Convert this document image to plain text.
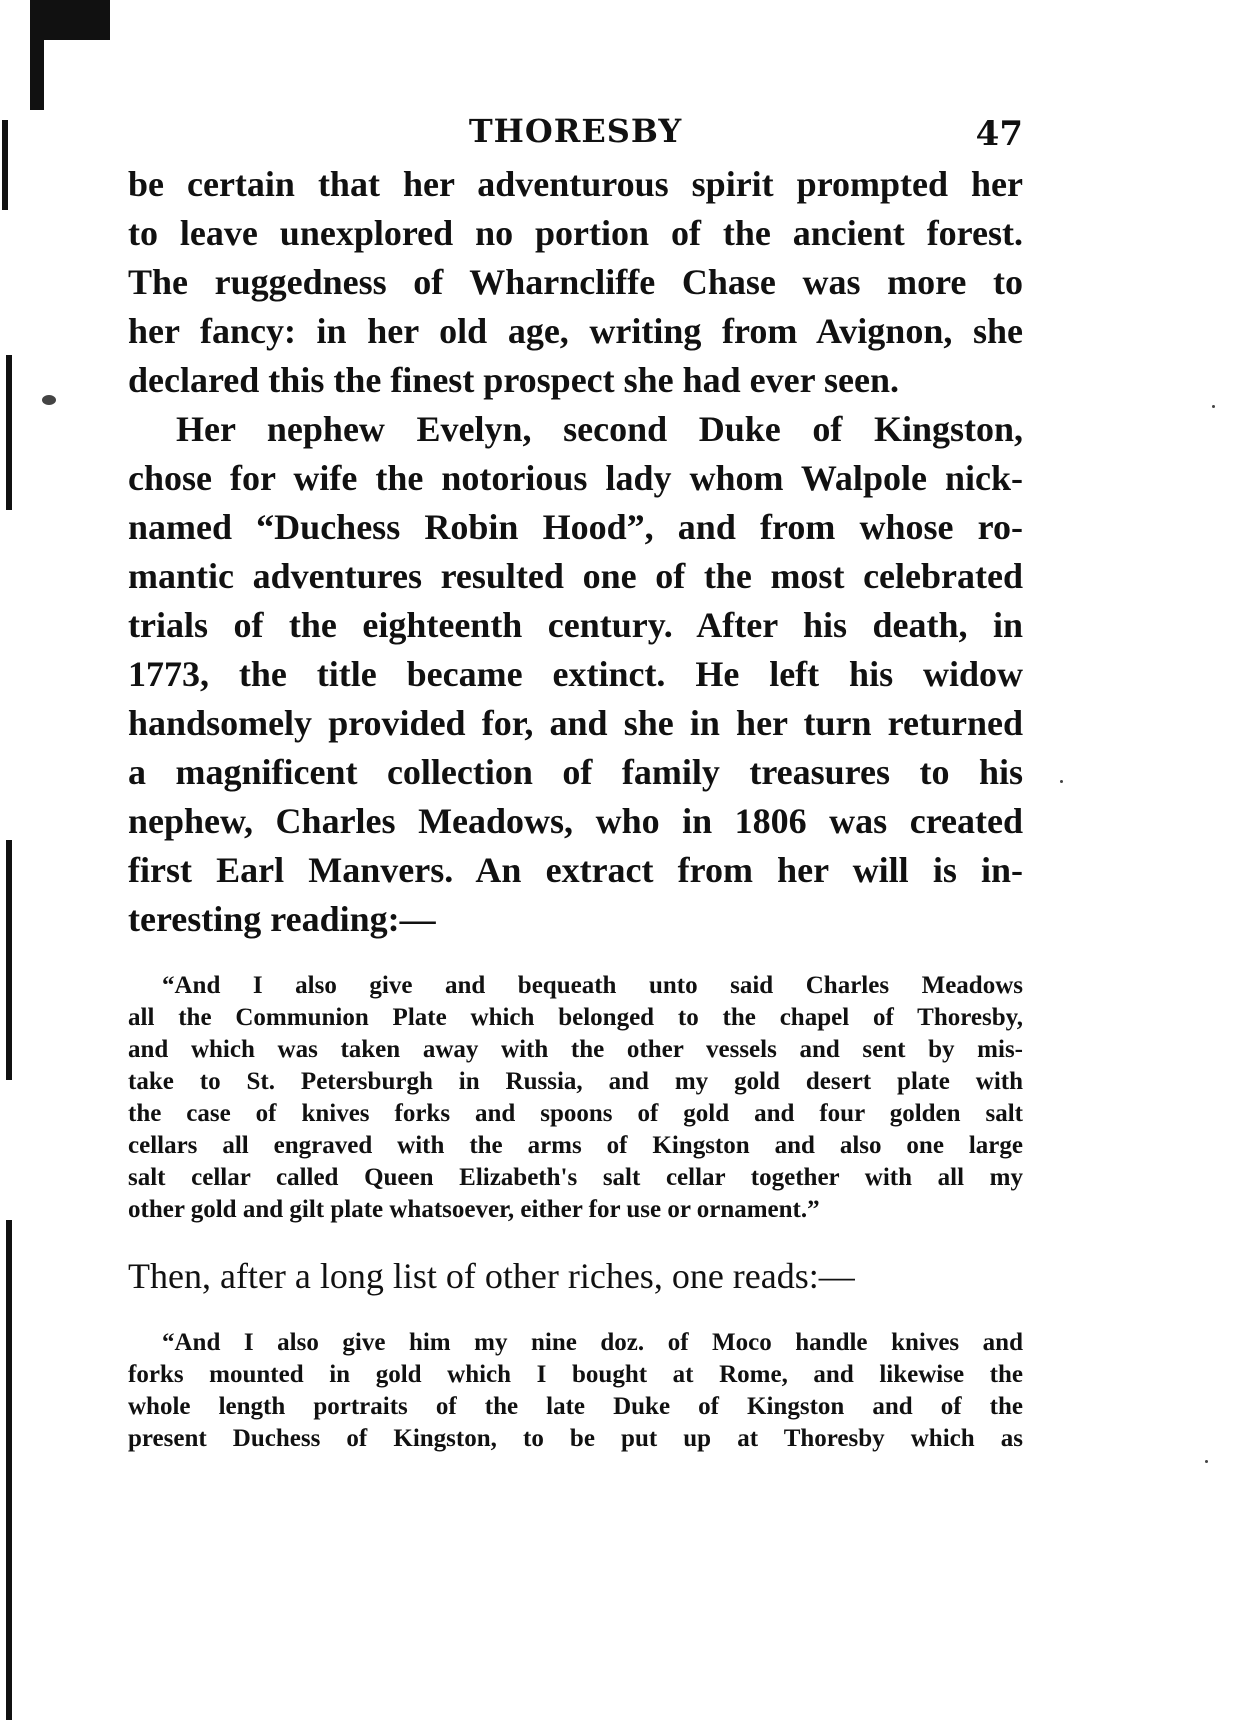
THORESBY	47
be certain that her adventurous spirit prompted her
to leave unexplored no portion of the ancient forest.
The ruggedness of Wharncliffe Chase was more to
her fancy: in her old age, writing from Avignon, she
declared this the finest prospect she had ever seen.
Her nephew Evelyn, second Duke of Kingston,
chose for wife the notorious lady whom Walpole nick-
named “Duchess Robin Hood”, and from whose ro-
mantic adventures resulted one of the most celebrated
trials of the eighteenth century. After his death, in
1773, the title became extinct. He left his widow
handsomely provided for, and she in her turn returned
a magnificent collection of family treasures to his
nephew, Charles Meadows, who in 1806 was created
first Earl Manvers. An extract from her will is in-
teresting reading:—
“And I also give and bequeath unto said Charles Meadows
all the Communion Plate which belonged to the chapel of Thoresby,
and which was taken away with the other vessels and sent by mis-
take to St. Petersburgh in Russia, and my gold desert plate with
the case of knives forks and spoons of gold and four golden salt
cellars all engraved with the arms of Kingston and also one large
salt cellar called Queen Elizabeth's salt cellar together with all my
other gold and gilt plate whatsoever, either for use or ornament.”

Then, after a long list of other riches, one reads:—

“And I also give him my nine doz. of Moco handle knives and
forks mounted in gold which I bought at Rome, and likewise the
whole length portraits of the late Duke of Kingston and of the
present Duchess of Kingston, to be put up at Thoresby which as
